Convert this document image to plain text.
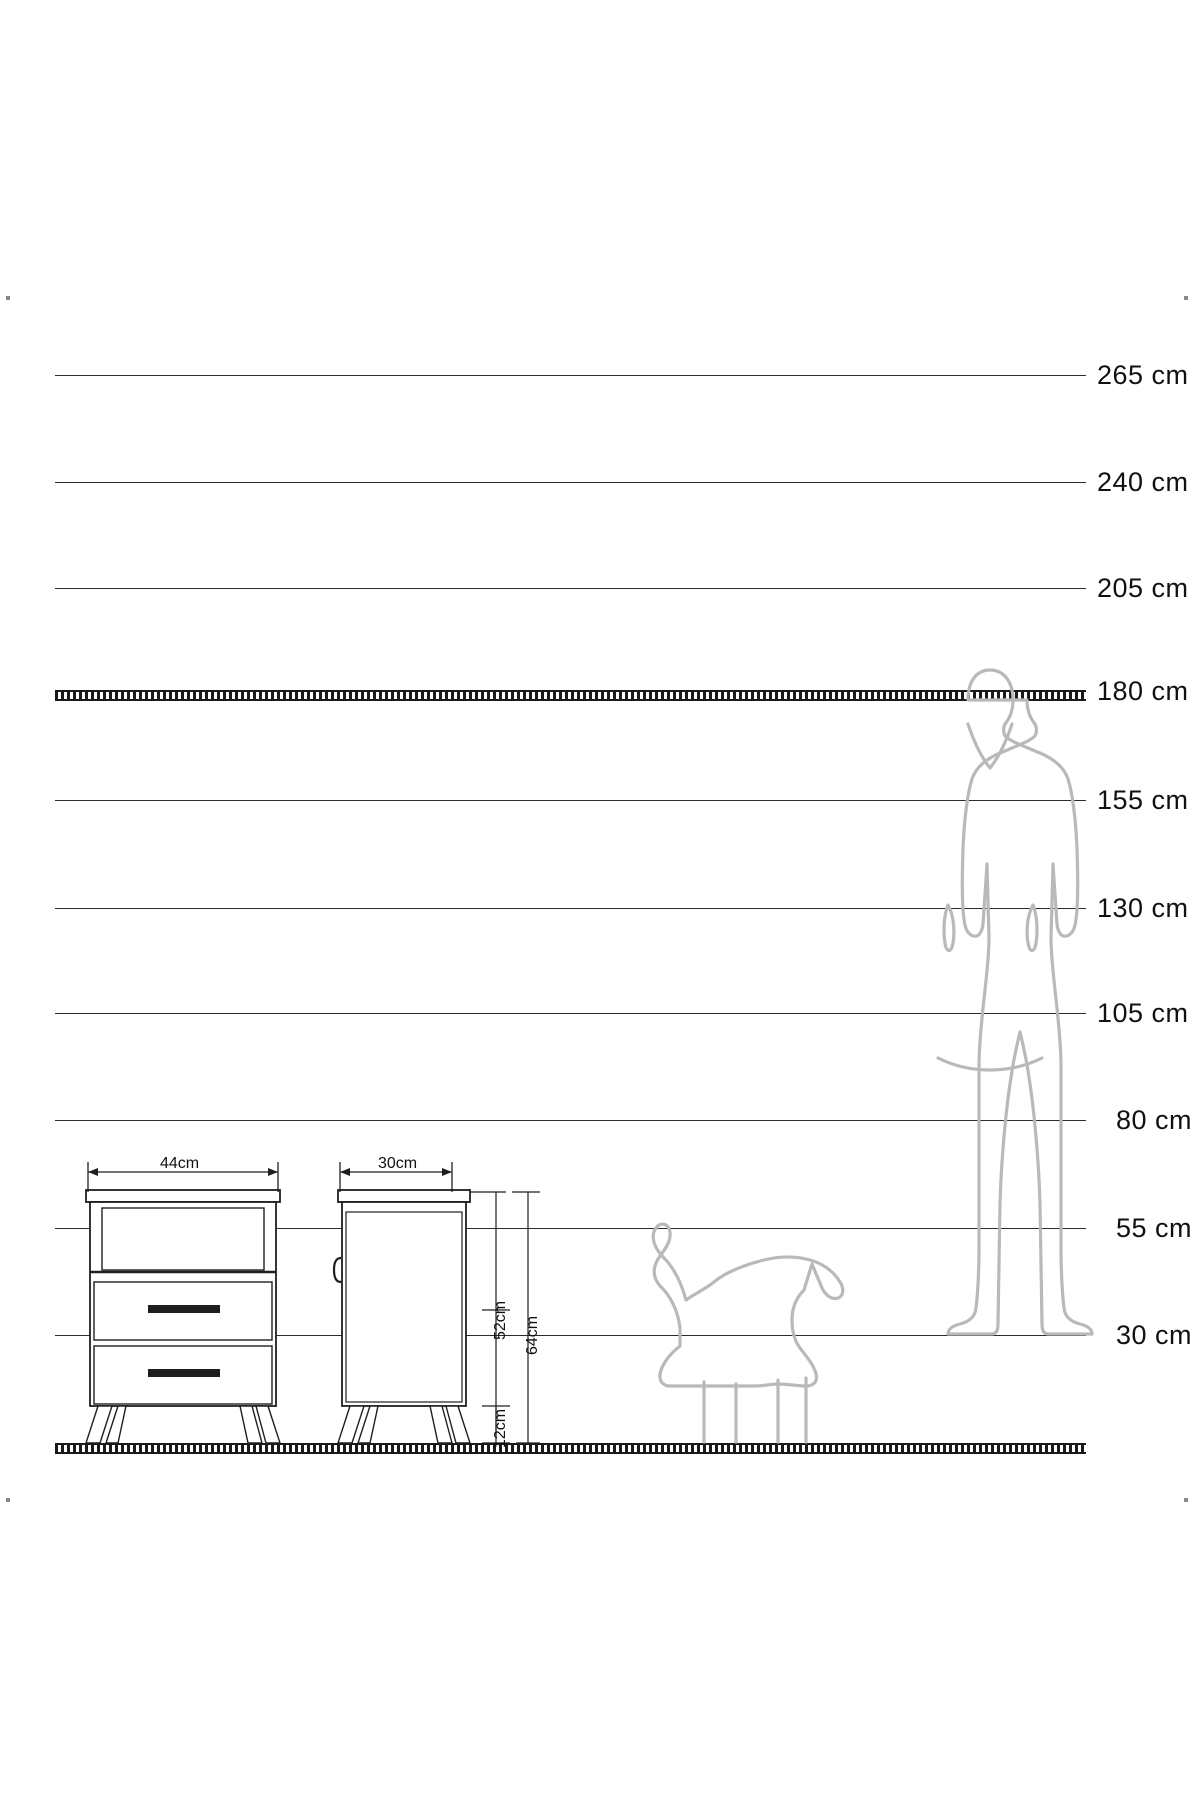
265 cm
240 cm
205 cm
180 cm
155 cm
130 cm
105 cm
80 cm
55 cm
30 cm
44cm	30cm
52cm 64cm
12cm
